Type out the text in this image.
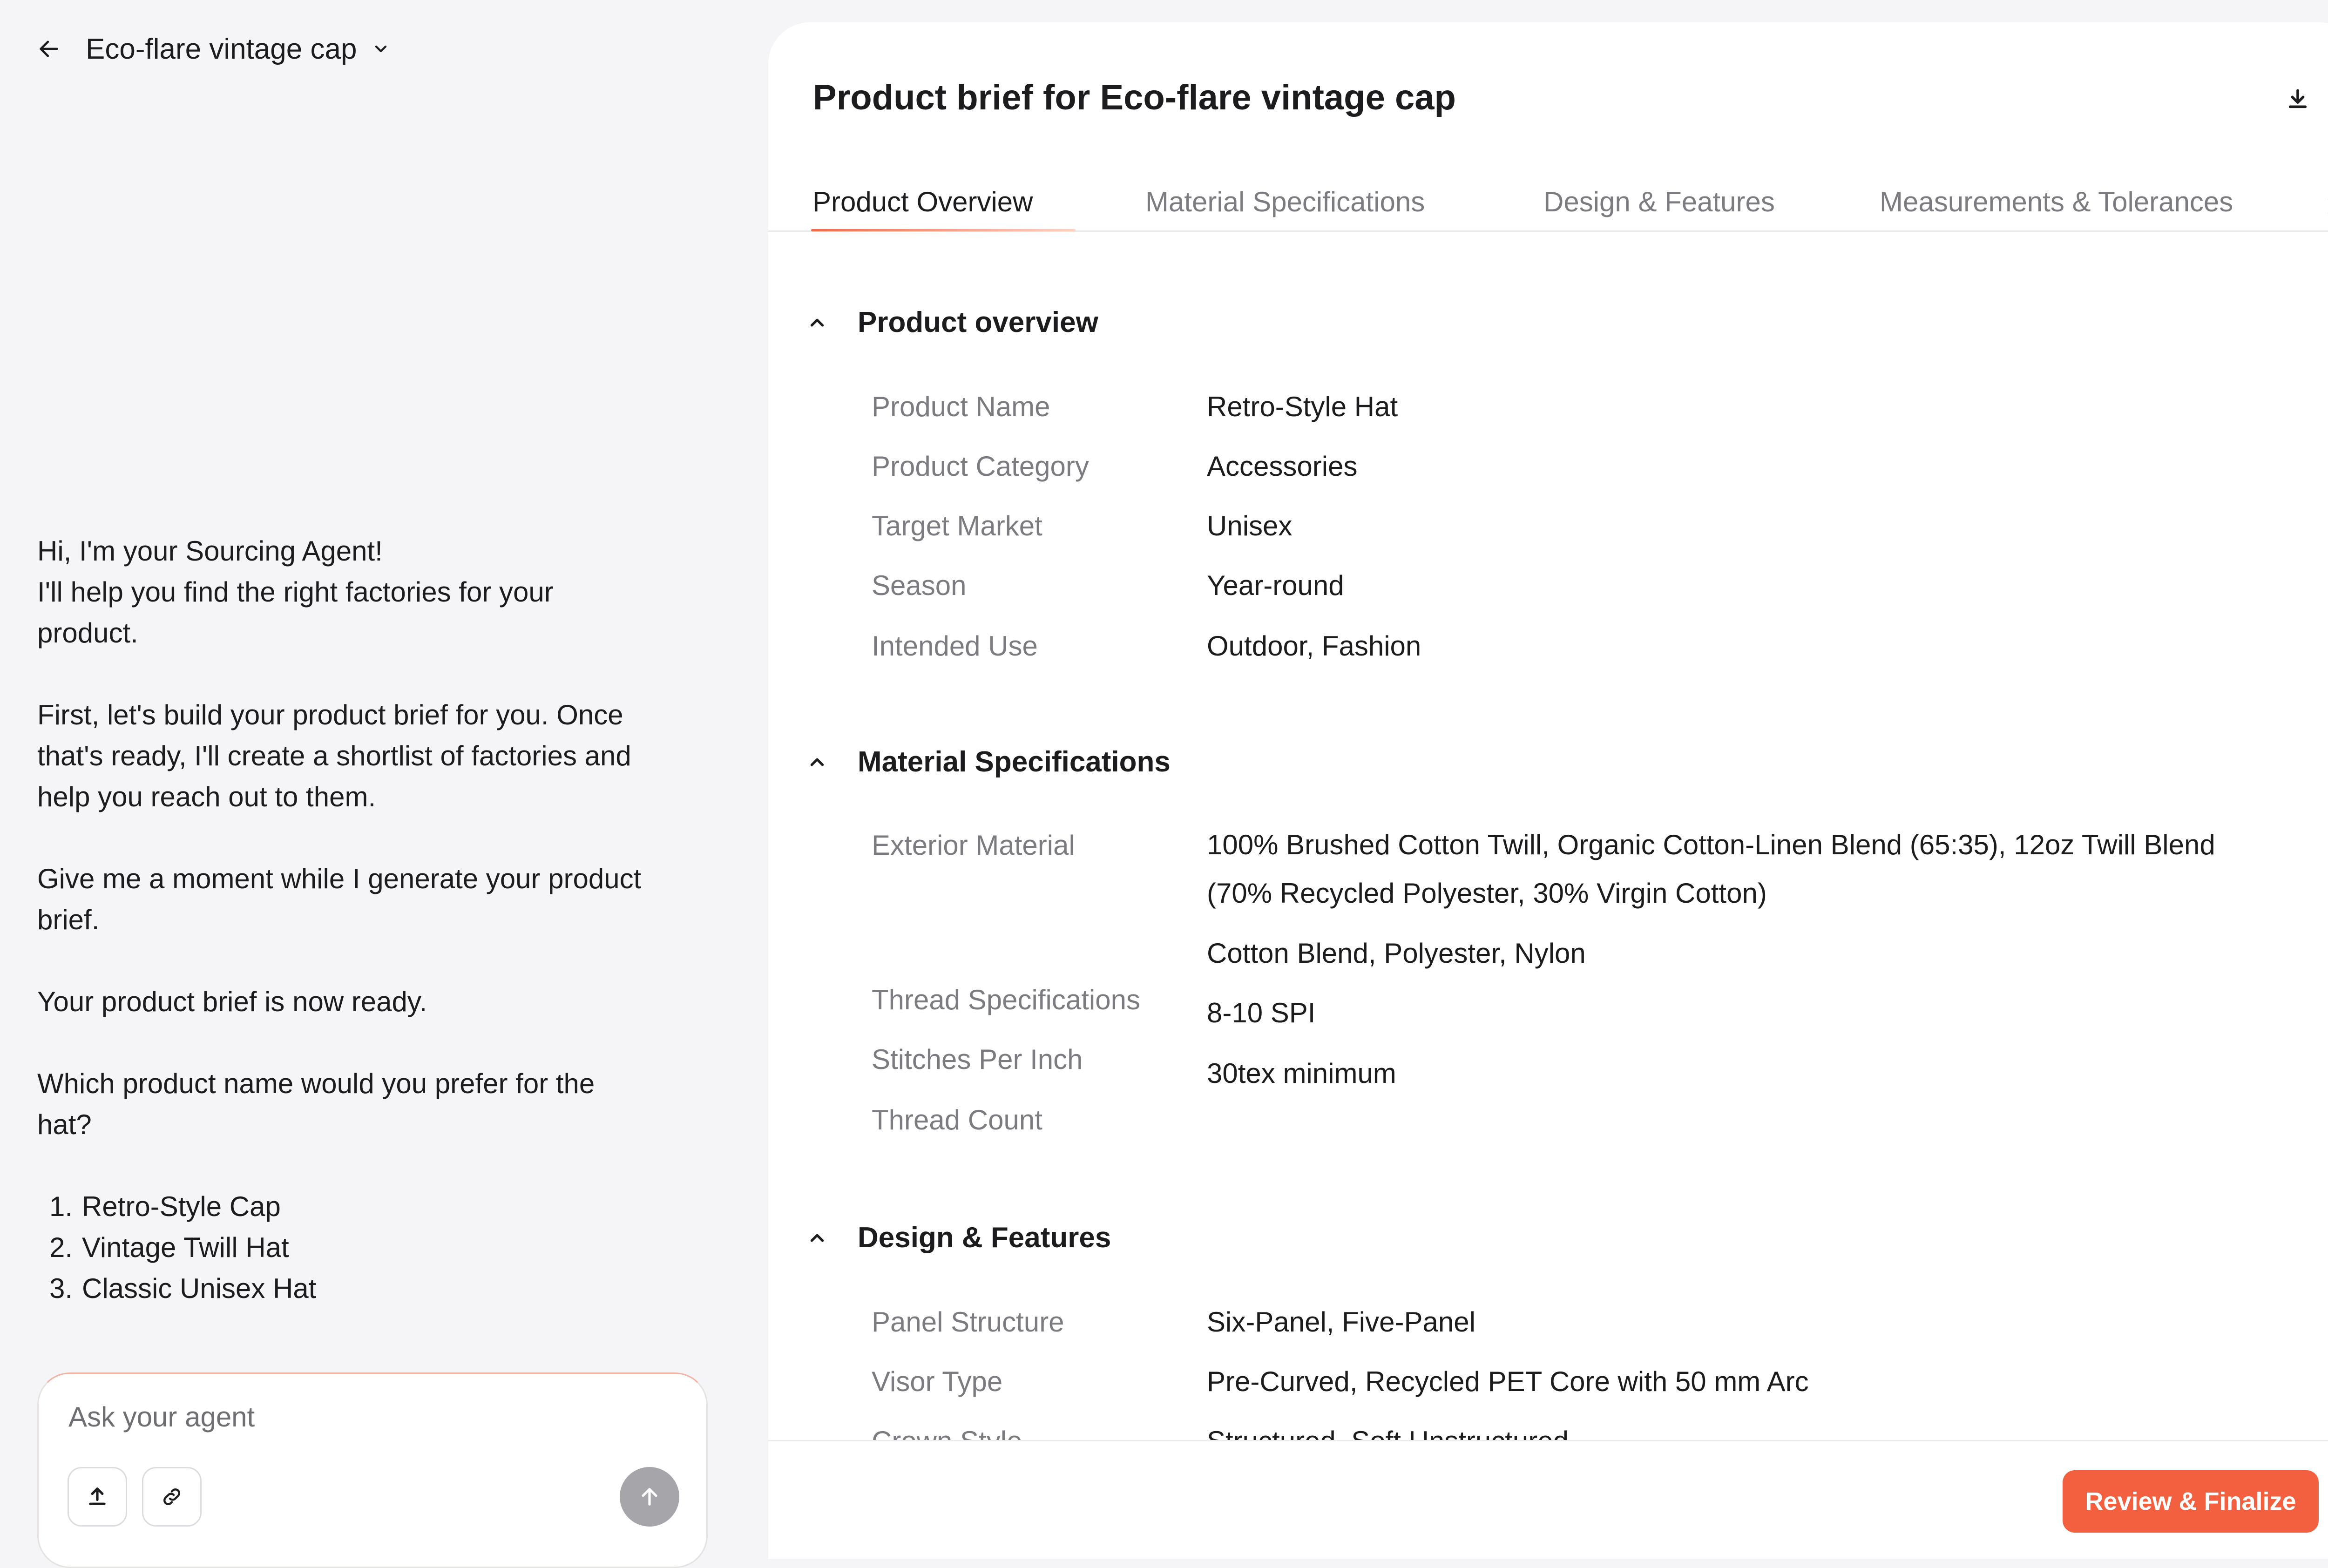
Eco-flare vintage cap

Hi, I'm your Sourcing Agent!
I'll help you find the right factories for your
product.

First, let's build your product brief for you. Once
that's ready, I'll create a shortlist of factories and
help you reach out to them.

Give me a moment while I generate your product
brief.

Your product brief is now ready.

Which product name would you prefer for the
hat?

1. Retro-Style Cap
2. Vintage Twill Hat
3. Classic Unisex Hat
Ask your agent
Product brief for Eco-flare vintage cap
Product Overview	Material Specifications	Design & Features	Measurements & Tolerances
Product overview
Product Name	Retro-Style Hat
Product Category	Accessories
Target Market	Unisex
Season	Year-round
Intended Use	Outdoor, Fashion
Material Specifications
Exterior Material	100% Brushed Cotton Twill, Organic Cotton-Linen Blend (65:35), 12oz Twill Blend (70% Recycled Polyester, 30% Virgin Cotton)
Cotton Blend, Polyester, Nylon
Thread Specifications 8-10 SPI
Stitches Per Inch	30tex minimum
Thread Count
Design & Features
Panel Structure	Six-Panel, Five-Panel
Visor Type	Pre-Curved, Recycled PET Core with 50 mm Arc
Review & Finalize
